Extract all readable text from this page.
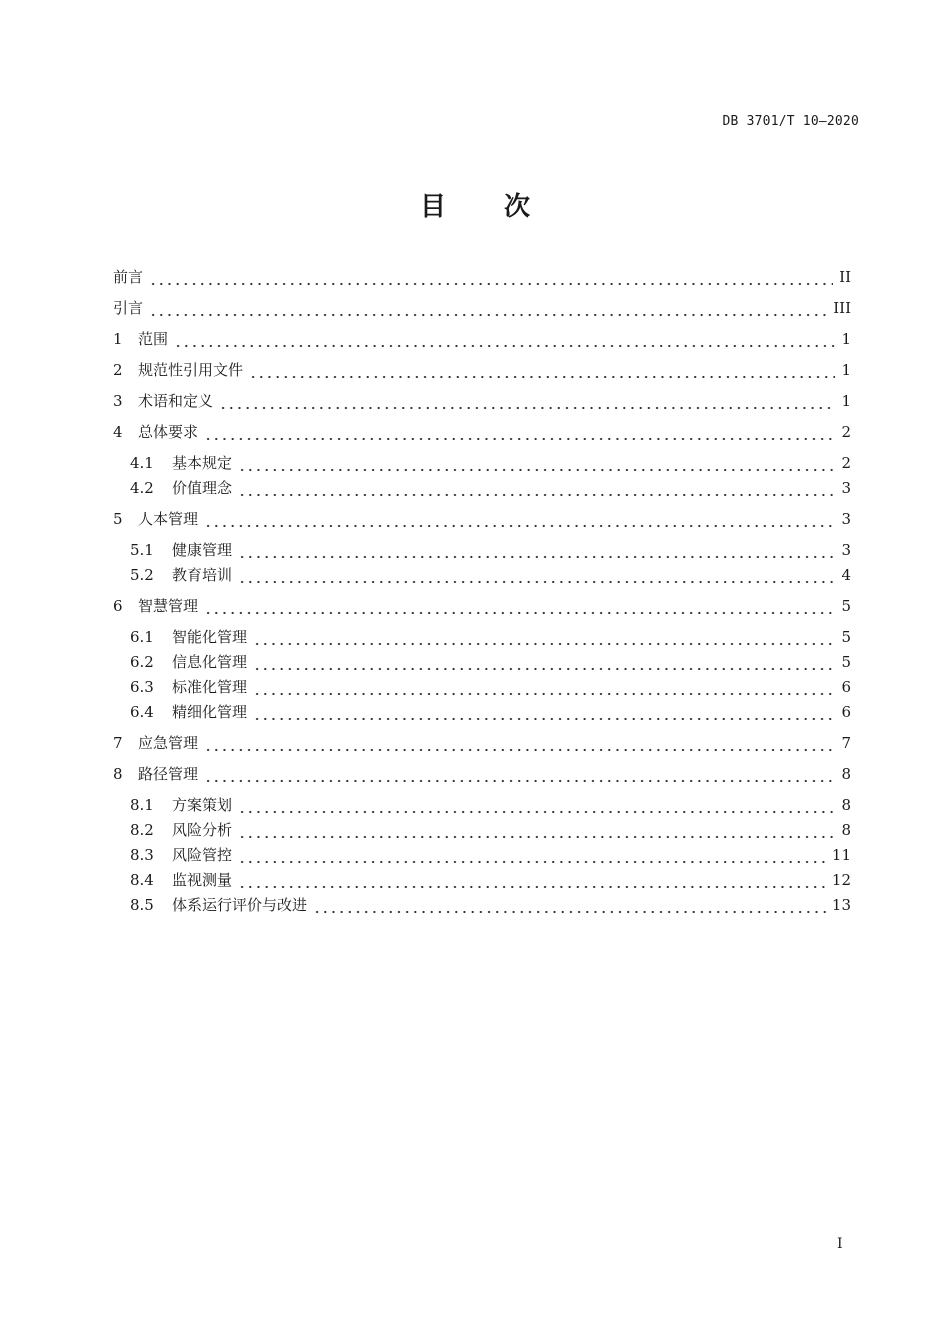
DB 3701/T 10—2020
目次
前言	II
引言	III
1	范围	1
2	规范性引用文件	1
3	术语和定义	1
4	总体要求	2
4.1	基本规定	2
4.2	价值理念	3
5	人本管理	3
5.1	健康管理	3
5.2	教育培训	4
6	智慧管理	5
6.1	智能化管理	5
6.2	信息化管理	5
6.3	标准化管理	6
6.4	精细化管理	6
7	应急管理	7
8	路径管理	8
8.1	方案策划	8
8.2	风险分析	8
8.3	风险管控	11
8.4	监视测量	12
8.5	体系运行评价与改进	13
I
